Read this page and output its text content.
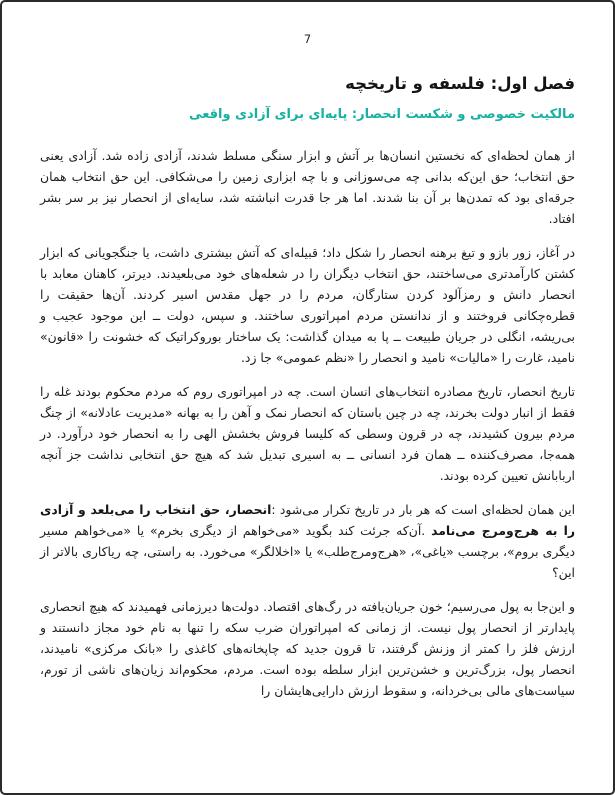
7
فصل اول: فلسفه و تاریخچه
مالکیت خصوصی و شکست انحصار: پایه‌ای برای آزادی واقعی

از همان لحظه‌ای که نخستین انسان‌ها بر آتش و ابزار سنگی مسلط شدند، آزادی زاده شد. آزادی یعنی حق انتخاب؛ حق این‌که بدانی چه می‌سوزانی و با چه ابزاری زمین را می‌شکافی. این حق انتخاب همان جرقه‌ای بود که تمدن‌ها بر آن بنا شدند. اما هر جا قدرت انباشته شد، سایه‌ای از انحصار نیز بر سر بشر افتاد.

در آغاز، زور بازو و تیغ برهنه انحصار را شکل داد؛ قبیله‌ای که آتش بیشتری داشت، یا جنگجویانی که ابزار کشتن کارآمدتری می‌ساختند، حق انتخاب دیگران را در شعله‌های خود می‌بلعیدند. دیرتر، کاهنان معابد با انحصار دانش و رمزآلود کردن ستارگان، مردم را در جهل مقدس اسیر کردند. آن‌ها حقیقت را قطره‌چکانی فروختند و از ندانستن مردم امپراتوری ساختند. و سپس، دولت ــ این موجود عجیب و بی‌ریشه، انگلی در جریان طبیعت ــ پا به میدان گذاشت: یک ساختار بوروکراتیک که خشونت را «قانون» نامید، غارت را «مالیات» نامید و انحصار را «نظم عمومی» جا زد.

تاریخ انحصار، تاریخ مصادره انتخاب‌های انسان است. چه در امپراتوری روم که مردم محکوم بودند غله را فقط از انبار دولت بخرند، چه در چین باستان که انحصار نمک و آهن را به بهانه «مدیریت عادلانه» از چنگ مردم بیرون کشیدند، چه در قرون وسطی که کلیسا فروش بخشش الهی را به انحصار خود درآورد. در همه‌جا، مصرف‌کننده ــ همان فرد انسانی ــ به اسیری تبدیل شد که هیچ حق انتخابی نداشت جز آنچه اربابانش تعیین کرده بودند.

این همان لحظه‌ای است که هر بار در تاریخ تکرار می‌شود :انحصار، حق انتخاب را می‌بلعد و آزادی را به هرج‌ومرج می‌نامد .آن‌که جرئت کند بگوید «می‌خواهم از دیگری بخرم» یا «می‌خواهم مسیر دیگری بروم»، برچسب «یاغی»، «هرج‌ومرج‌طلب» یا «اخلالگر» می‌خورد. به راستی، چه ریاکاری بالاتر از این؟

و این‌جا به پول می‌رسیم؛ خون جریان‌یافته در رگ‌های اقتصاد. دولت‌ها دیرزمانی فهمیدند که هیچ انحصاری پایدارتر از انحصار پول نیست. از زمانی که امپراتوران ضرب سکه را تنها به نام خود مجاز دانستند و ارزش فلز را کمتر از وزنش گرفتند، تا قرون جدید که چاپخانه‌های کاغذی را «بانک مرکزی» نامیدند، انحصار پول، بزرگ‌ترین و خشن‌ترین ابزار سلطه بوده است. مردم، محکوم‌اند زیان‌های ناشی از تورم، سیاست‌های مالی بی‌خردانه، و سقوط ارزش دارایی‌هایشان را
